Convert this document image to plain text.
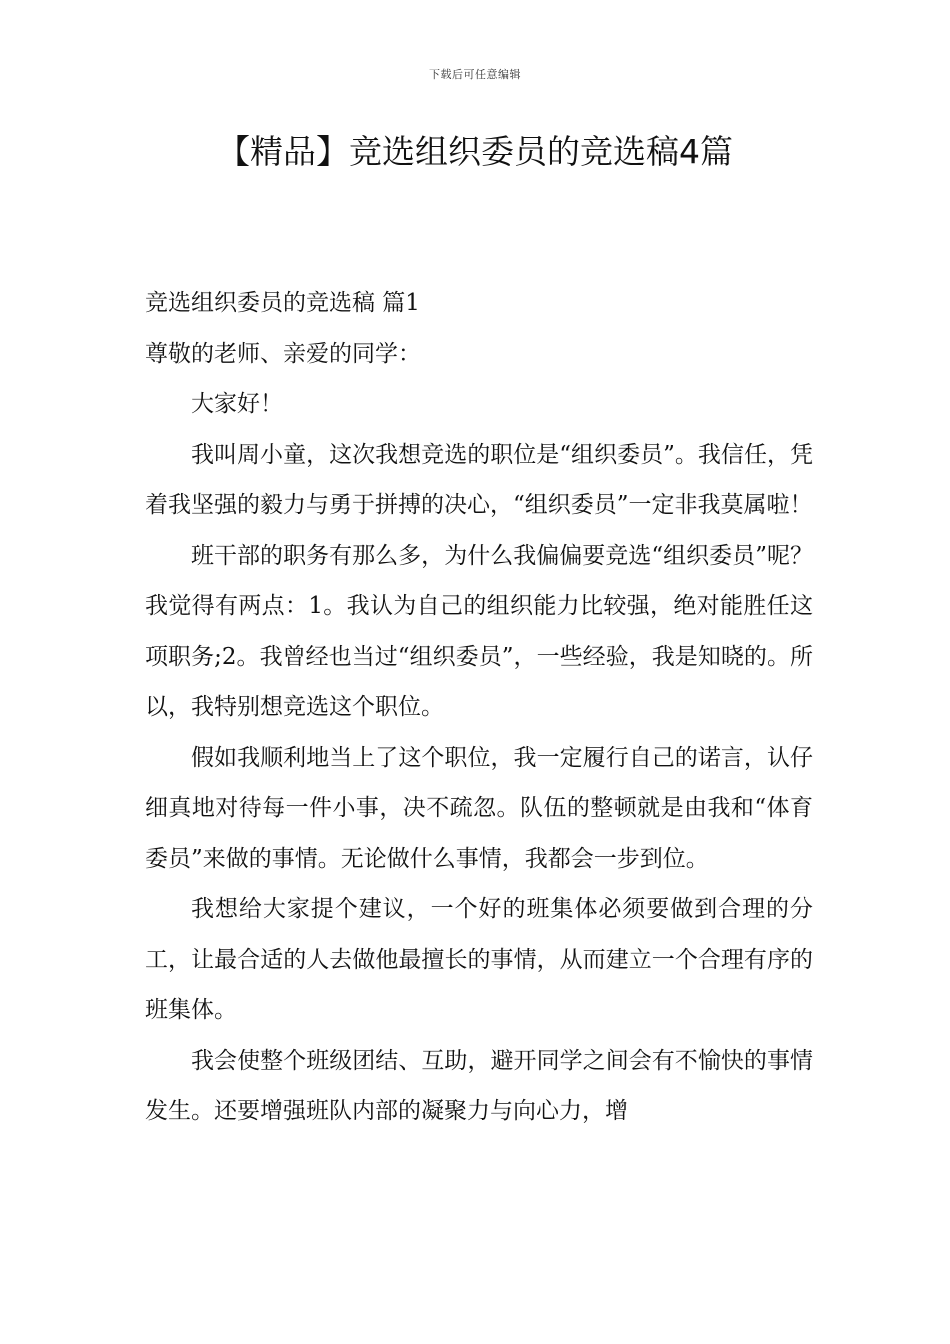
下载后可任意编辑
【精品】竞选组织委员的竞选稿4篇

竞选组织委员的竞选稿 篇1

尊敬的老师、亲爱的同学：

大家好！

我叫周小童，这次我想竞选的职位是“组织委员”。我信任，凭着我坚强的毅力与勇于拼搏的决心，“组织委员”一定非我莫属啦！

班干部的职务有那么多，为什么我偏偏要竞选“组织委员”呢？我觉得有两点：1。我认为自己的组织能力比较强，绝对能胜任这项职务;2。我曾经也当过“组织委员”，一些经验，我是知晓的。所以，我特别想竞选这个职位。

假如我顺利地当上了这个职位，我一定履行自己的诺言，认仔细真地对待每一件小事，决不疏忽。队伍的整顿就是由我和“体育委员”来做的事情。无论做什么事情，我都会一步到位。

我想给大家提个建议，一个好的班集体必须要做到合理的分工，让最合适的人去做他最擅长的事情，从而建立一个合理有序的班集体。

我会使整个班级团结、互助，避开同学之间会有不愉快的事情发生。还要增强班队内部的凝聚力与向心力，增
